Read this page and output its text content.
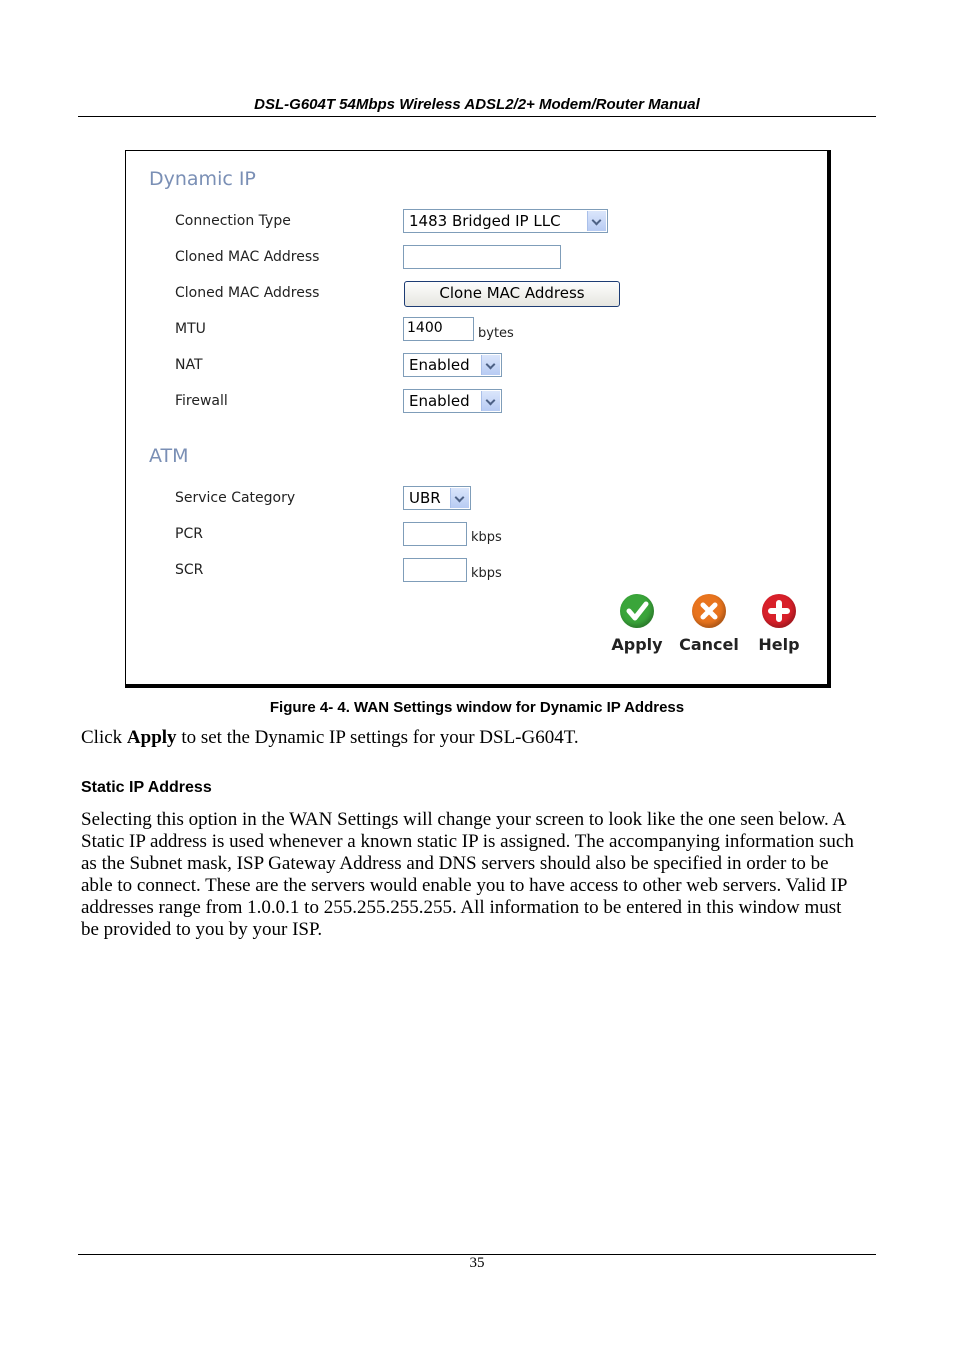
DSL-G604T 54Mbps Wireless ADSL2/2+ Modem/Router Manual
Dynamic IP
Connection Type	1483 Bridged IP LLC
Cloned MAC Address
Cloned MAC Address	Clone MAC Address
MTU	1400	bytes
NAT	Enabled
Firewall	Enabled
ATM
Service Category	UBR
PCR	kbps
SCR	kbps
Apply Cancel Help
Figure 4- 4. WAN Settings window for Dynamic IP Address
Click Apply to set the Dynamic IP settings for your DSL-G604T.
Static IP Address
Selecting this option in the WAN Settings will change your screen to look like the one seen below. A
Static IP address is used whenever a known static IP is assigned. The accompanying information such
as the Subnet mask, ISP Gateway Address and DNS servers should also be specified in order to be
able to connect. These are the servers would enable you to have access to other web servers. Valid IP
addresses range from 1.0.0.1 to 255.255.255.255. All information to be entered in this window must
be provided to you by your ISP.
35
